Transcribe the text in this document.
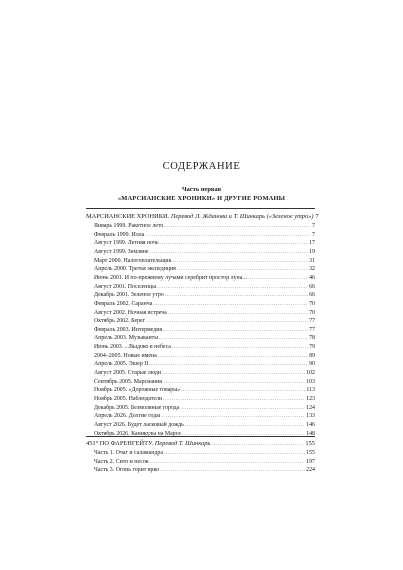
СОДЕРЖАНИЕ
Часть первая
«МАРСИАНСКИЕ ХРОНИКИ» И ДРУГИЕ РОМАНЫ
МАРСИАНСКИЕ ХРОНИКИ. Перевод Л. Жданова и Т. Шинкарь («Зеленое утро») 7
Январь 1999. Ракетное лето .....	7
Февраль 1999. Илла .....	7
Август 1999. Летняя ночь .....	17
Август 1999. Земляне .....	19
Март 2000. Налогоплательщик .....	31
Апрель 2000. Третья экспедиция .....	32
Июнь 2001. И по-прежнему лучами серебрит простор луна... .....	46
Август 2001. Поселенцы .....	66
Декабрь 2001. Зеленое утро .....	66
Февраль 2002. Саранча .....	70
Август 2002. Ночная встреча .....	70
Октябрь 2002. Берег .....	77
Февраль 2003. Интермедия .....	77
Апрель 2003. Музыканты .....	78
Июнь 2003. ...Выдоко в небеса .....	79
2004–2005. Новые имена .....	89
Апрель 2005. Эшер II .....	90
Август 2005. Старые люди .....	102
Сентябрь 2005. Марсианин .....	103
Ноябрь 2005. «Дорожные товары» .....	113
Ноябрь 2005. Наблюдатели .....	123
Декабрь 2005. Безмолвные города .....	124
Апрель 2026. Долгие годы .....	133
Август 2026. Будет ласковый дождь .....	146
Октябрь 2026. Каникулы на Марсе .....	148
451° ПО ФАРЕНГЕЙТУ. Перевод Т. Шинкарь .....	155
Часть 1. Очаг и саламандра .....	155
Часть 2. Сито и песок .....	197
Часть 3. Огонь горит ярко .....	224
